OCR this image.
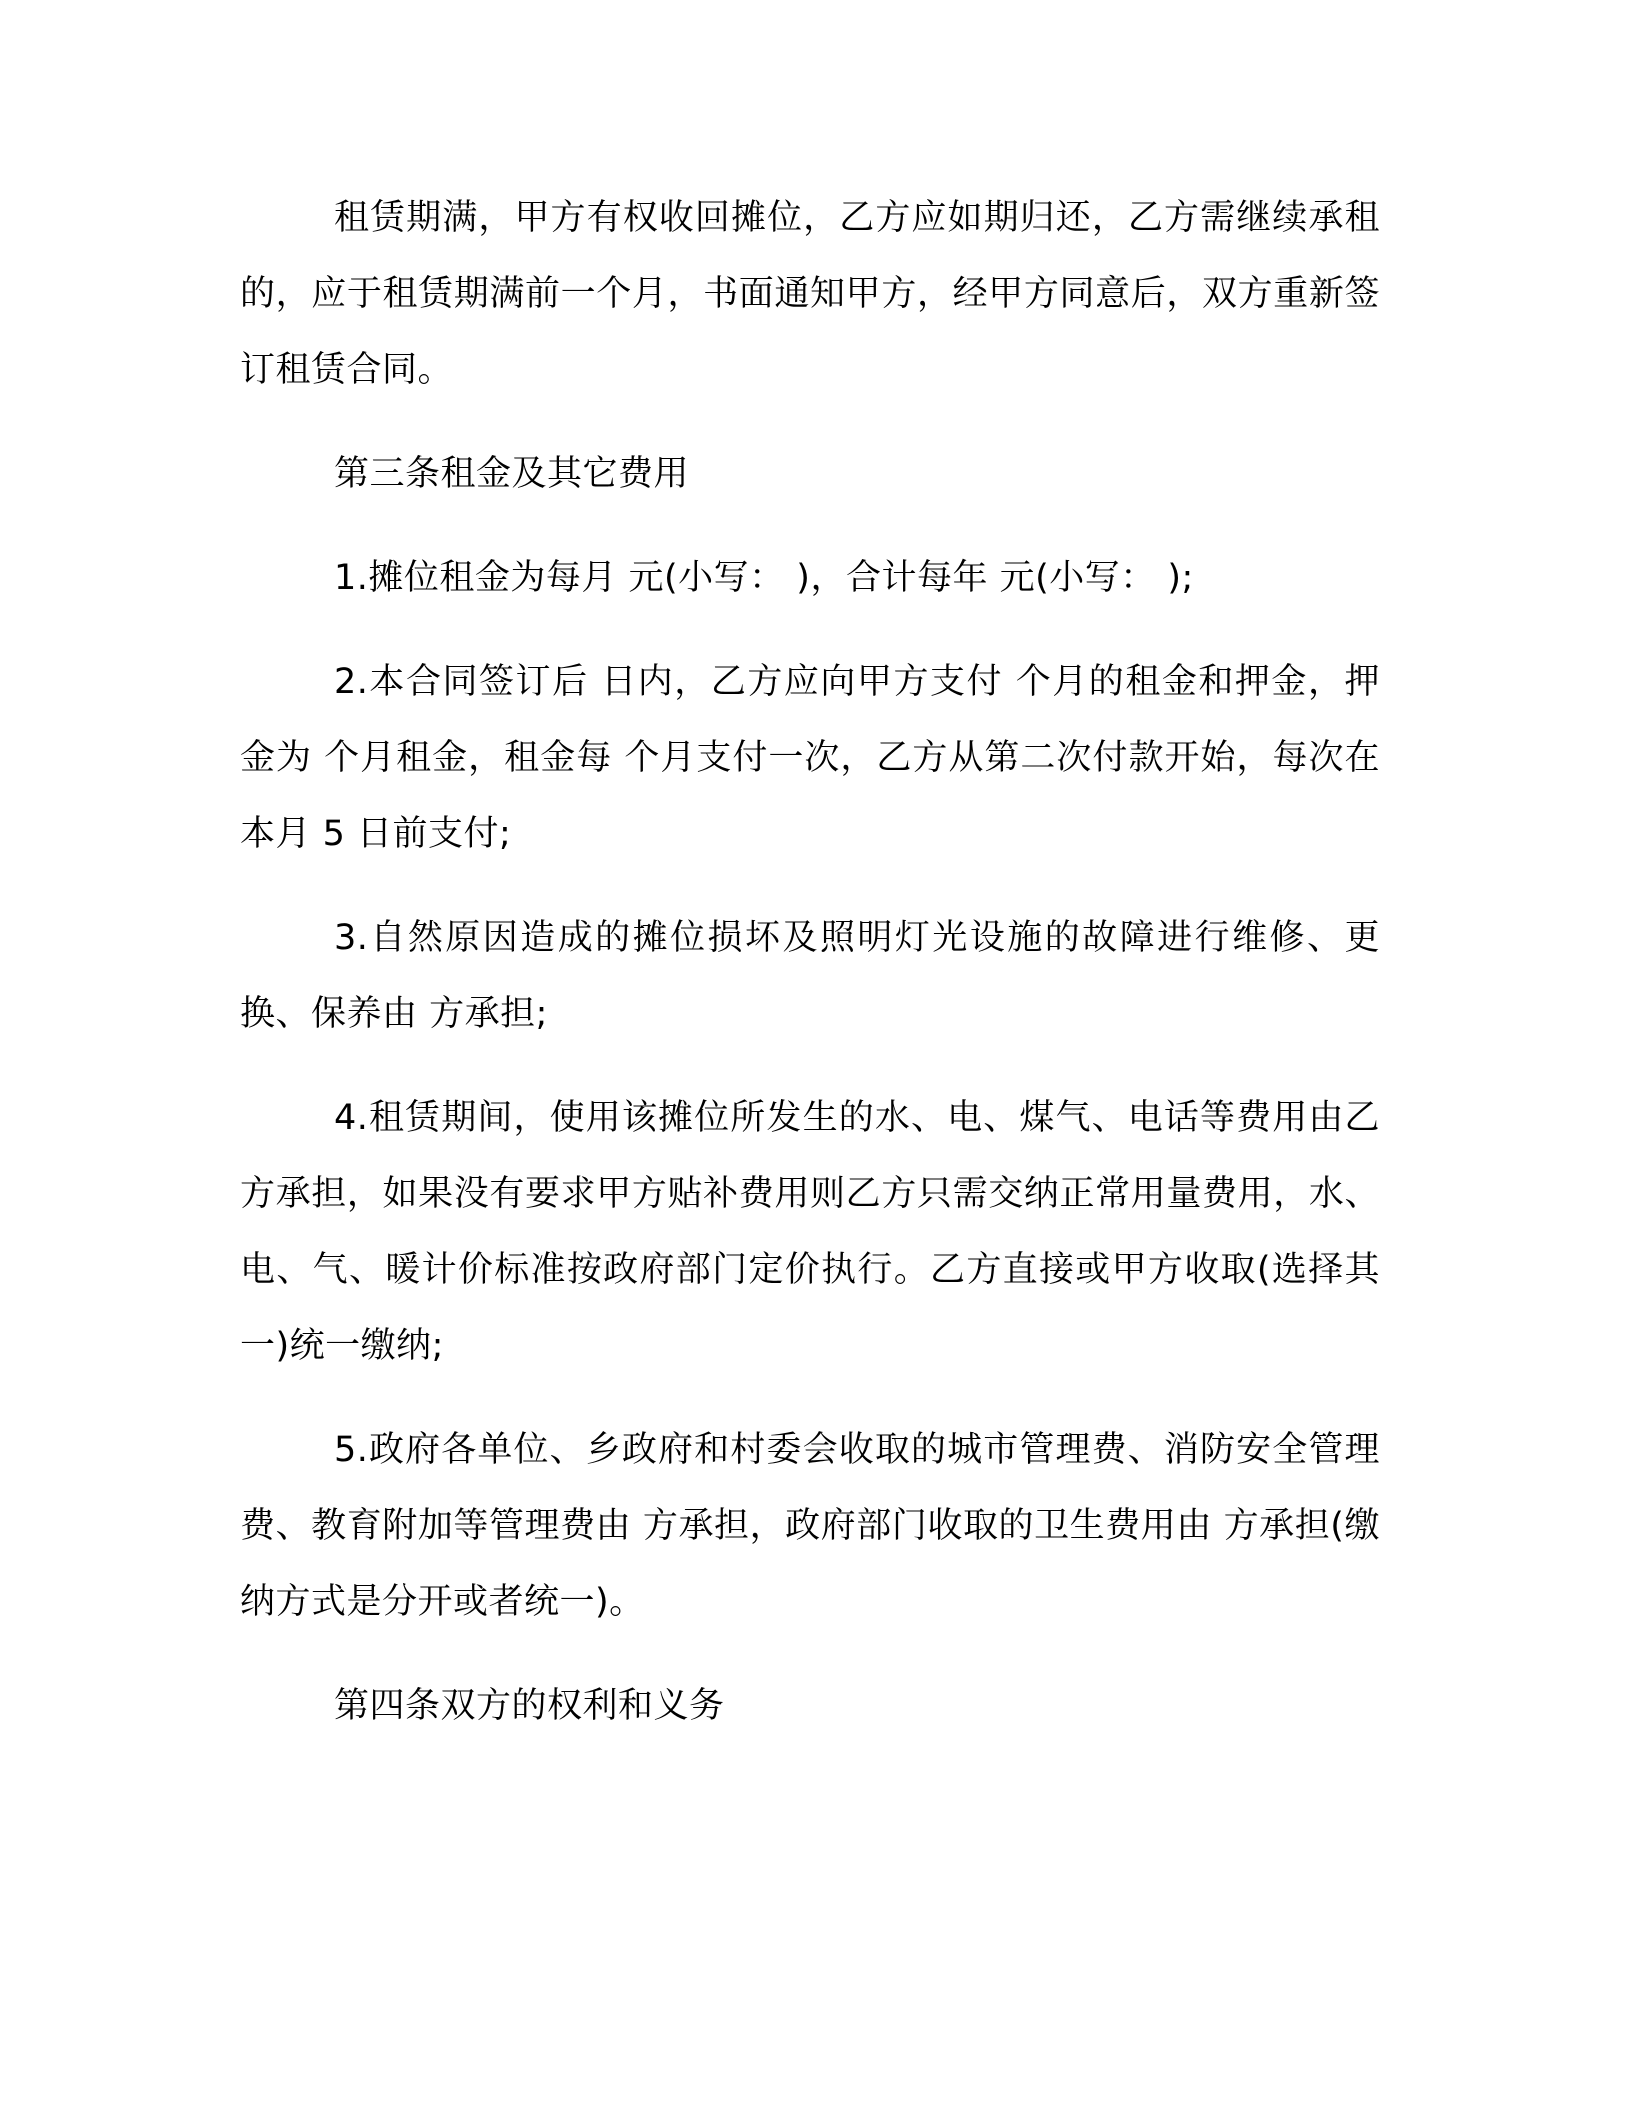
租赁期满，甲方有权收回摊位，乙方应如期归还，乙方需继续承租的，应于租赁期满前一个月，书面通知甲方，经甲方同意后，双方重新签订租赁合同。

第三条租金及其它费用

1.摊位租金为每月 元(小写： )，合计每年 元(小写： );

2.本合同签订后 日内，乙方应向甲方支付 个月的租金和押金，押金为 个月租金，租金每 个月支付一次，乙方从第二次付款开始，每次在本月 5 日前支付;

3.自然原因造成的摊位损坏及照明灯光设施的故障进行维修、更换、保养由 方承担;

4.租赁期间，使用该摊位所发生的水、电、煤气、电话等费用由乙方承担，如果没有要求甲方贴补费用则乙方只需交纳正常用量费用，水、电、气、暖计价标准按政府部门定价执行。乙方直接或甲方收取(选择其一)统一缴纳;

5.政府各单位、乡政府和村委会收取的城市管理费、消防安全管理费、教育附加等管理费由 方承担，政府部门收取的卫生费用由 方承担(缴纳方式是分开或者统一)。

第四条双方的权利和义务
